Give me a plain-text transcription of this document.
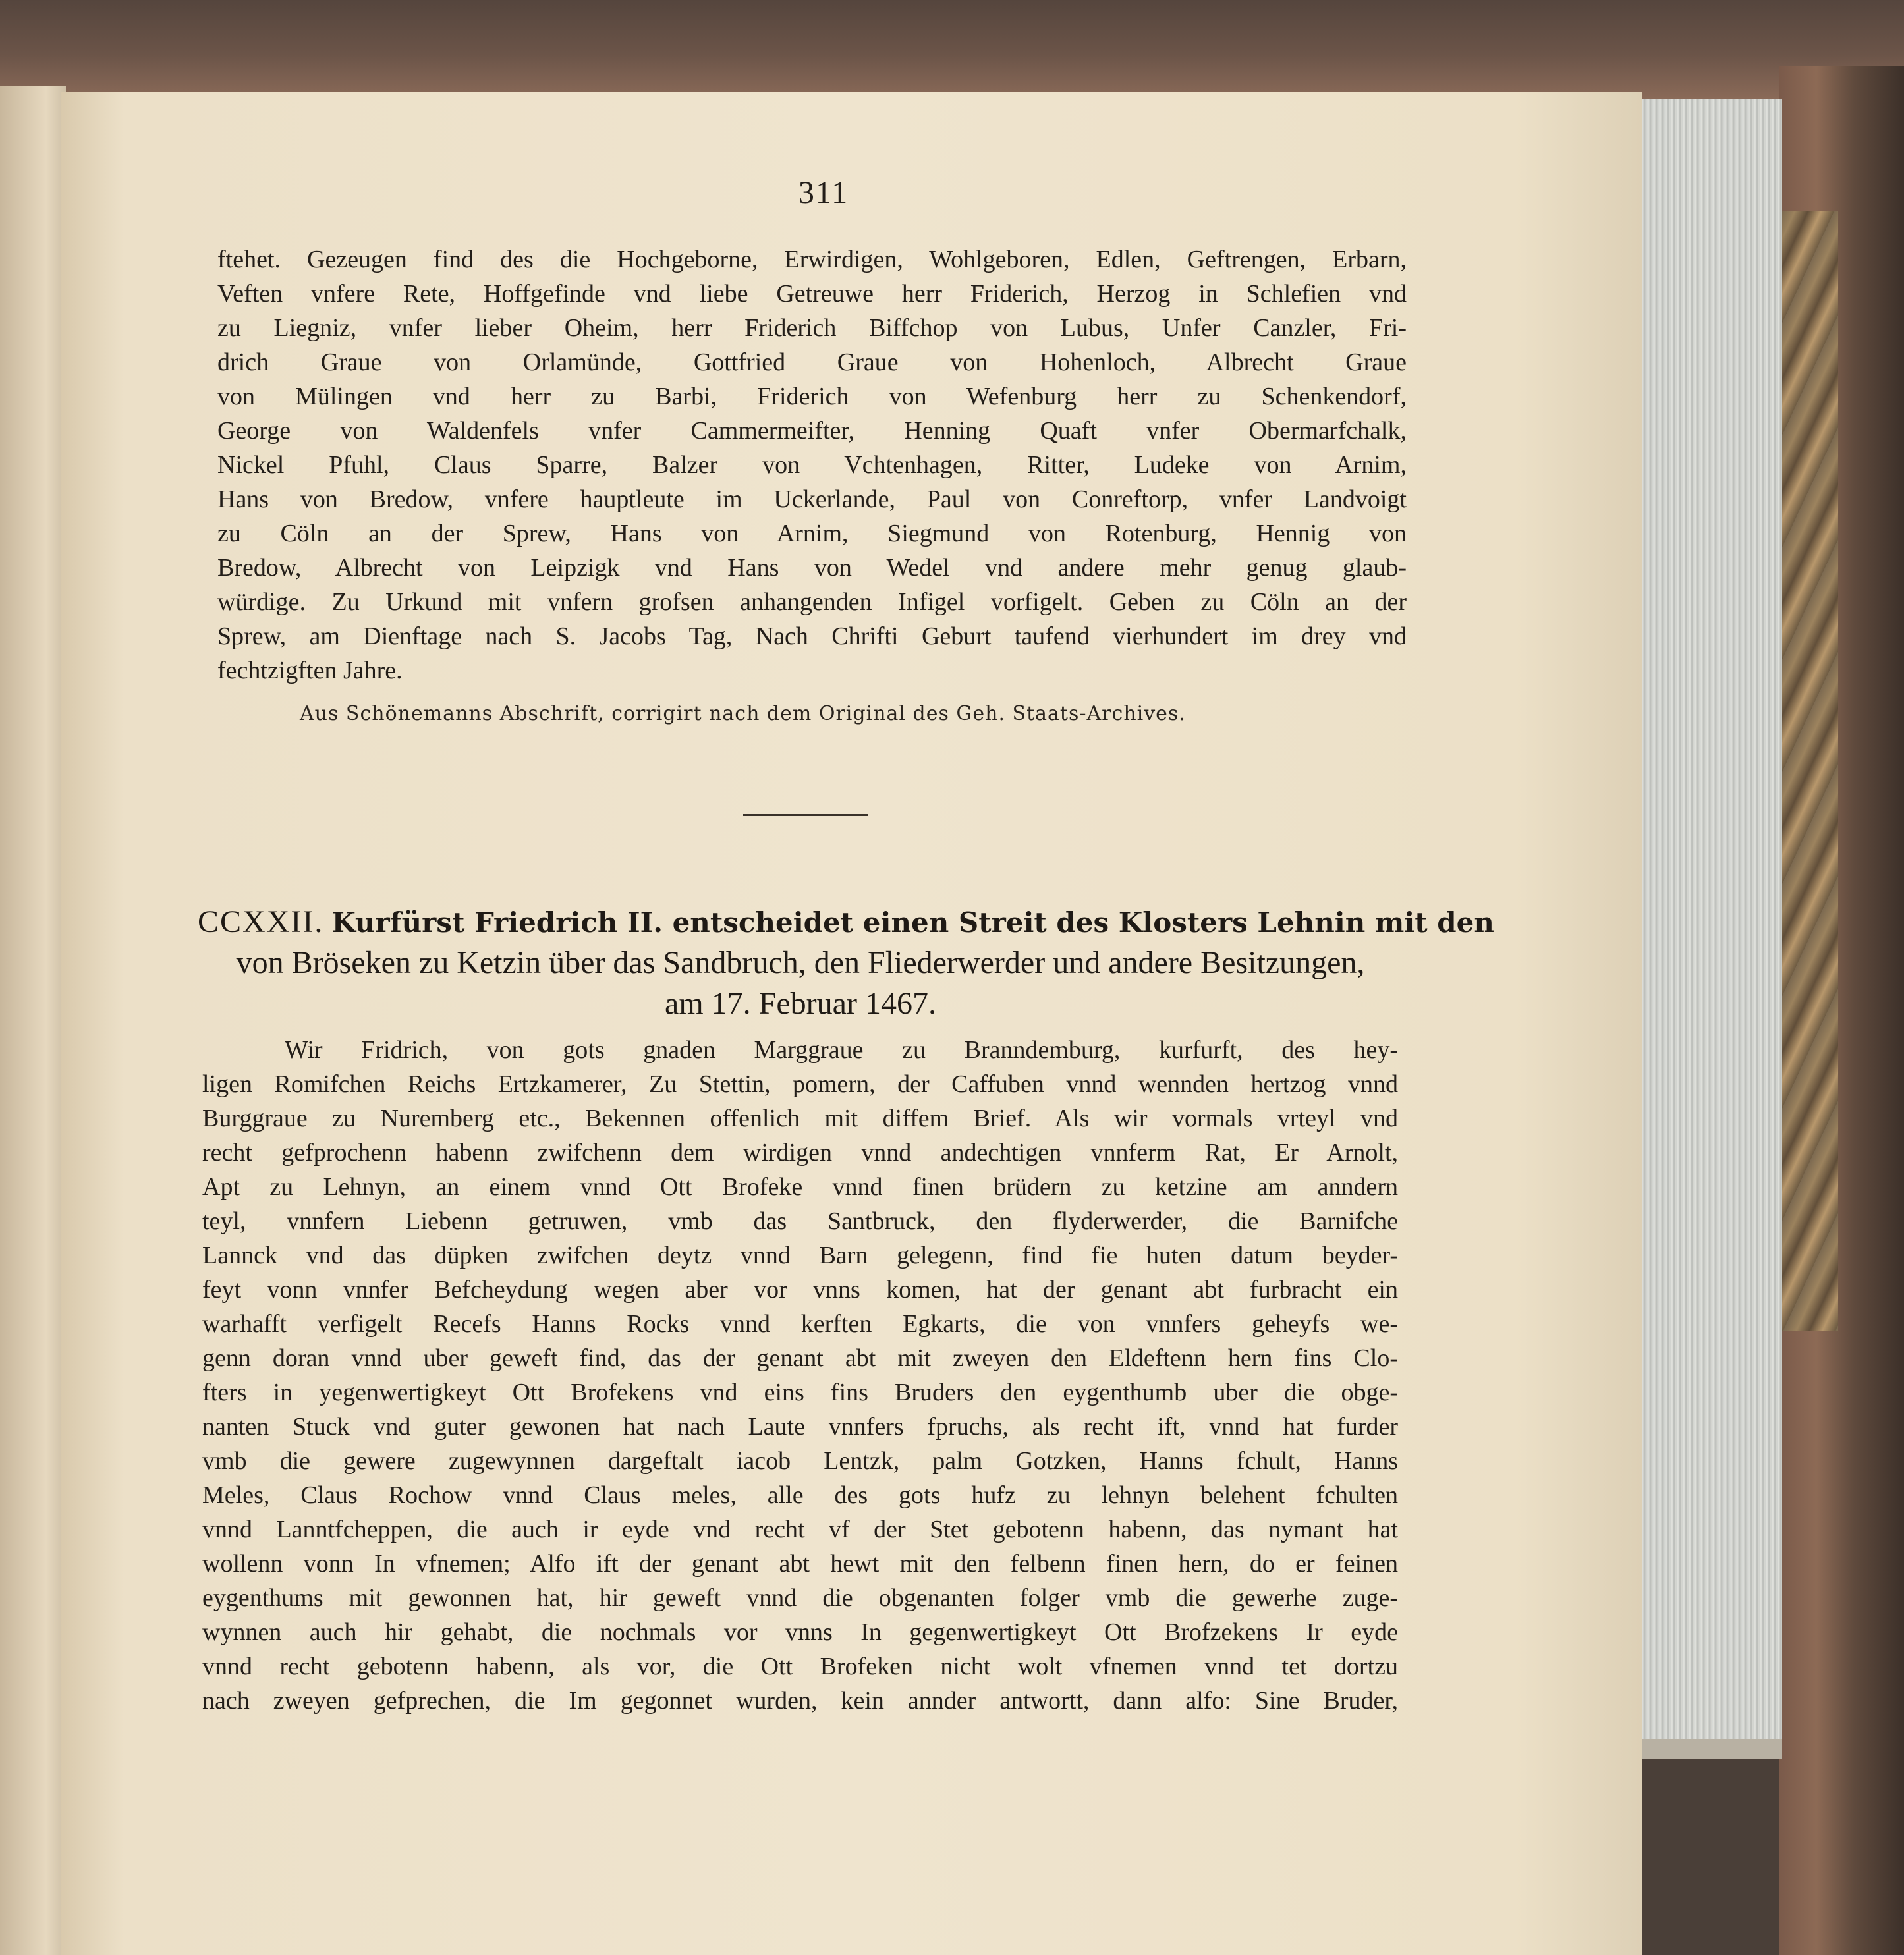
311
ftehet. Gezeugen find des die Hochgeborne, Erwirdigen, Wohlgeboren, Edlen, Geftrengen, Erbarn,
Veften vnfere Rete, Hoffgefinde vnd liebe Getreuwe herr Friderich, Herzog in Schlefien vnd
zu Liegniz, vnfer lieber Oheim, herr Friderich Biffchop von Lubus, Unfer Canzler, Fri-
drich Graue von Orlamünde, Gottfried Graue von Hohenloch, Albrecht Graue
von Mülingen vnd herr zu Barbi, Friderich von Wefenburg herr zu Schenkendorf,
George von Waldenfels vnfer Cammermeifter, Henning Quaft vnfer Obermarfchalk,
Nickel Pfuhl, Claus Sparre, Balzer von Vchtenhagen, Ritter, Ludeke von Arnim,
Hans von Bredow, vnfere hauptleute im Uckerlande, Paul von Conreftorp, vnfer Landvoigt
zu Cöln an der Sprew, Hans von Arnim, Siegmund von Rotenburg, Hennig von
Bredow, Albrecht von Leipzigk vnd Hans von Wedel vnd andere mehr genug glaub-
würdige. Zu Urkund mit vnfern grofsen anhangenden Infigel vorfigelt. Geben zu Cöln an der
Sprew, am Dienftage nach S. Jacobs Tag, Nach Chrifti Geburt taufend vierhundert im drey vnd
fechtzigften Jahre.
Aus Schönemanns Abschrift, corrigirt nach dem Original des Geh. Staats-Archives.
CCXXII. Kurfürst Friedrich II. entscheidet einen Streit des Klosters Lehnin mit den
von Bröseken zu Ketzin über das Sandbruch, den Fliederwerder und andere Besitzungen,
am 17. Februar 1467.
Wir Fridrich, von gots gnaden Marggraue zu Branndemburg, kurfurft, des hey-
ligen Romifchen Reichs Ertzkamerer, Zu Stettin, pomern, der Caffuben vnnd wennden hertzog vnnd
Burggraue zu Nuremberg etc., Bekennen offenlich mit diffem Brief. Als wir vormals vrteyl vnd
recht gefprochenn habenn zwifchenn dem wirdigen vnnd andechtigen vnnferm Rat, Er Arnolt,
Apt zu Lehnyn, an einem vnnd Ott Brofeke vnnd finen brüdern zu ketzine am anndern
teyl, vnnfern Liebenn getruwen, vmb das Santbruck, den flyderwerder, die Barnifche
Lannck vnd das düpken zwifchen deytz vnnd Barn gelegenn, find fie huten datum beyder-
feyt vonn vnnfer Befcheydung wegen aber vor vnns komen, hat der genant abt furbracht ein
warhafft verfigelt Recefs Hanns Rocks vnnd kerften Egkarts, die von vnnfers geheyfs we-
genn doran vnnd uber geweft find, das der genant abt mit zweyen den Eldeftenn hern fins Clo-
fters in yegenwertigkeyt Ott Brofekens vnd eins fins Bruders den eygenthumb uber die obge-
nanten Stuck vnd guter gewonen hat nach Laute vnnfers fpruchs, als recht ift, vnnd hat furder
vmb die gewere zugewynnen dargeftalt iacob Lentzk, palm Gotzken, Hanns fchult, Hanns
Meles, Claus Rochow vnnd Claus meles, alle des gots hufz zu lehnyn belehent fchulten
vnnd Lanntfcheppen, die auch ir eyde vnd recht vf der Stet gebotenn habenn, das nymant hat
wollenn vonn In vfnemen; Alfo ift der genant abt hewt mit den felbenn finen hern, do er feinen
eygenthums mit gewonnen hat, hir geweft vnnd die obgenanten folger vmb die gewerhe zuge-
wynnen auch hir gehabt, die nochmals vor vnns In gegenwertigkeyt Ott Brofzekens Ir eyde
vnnd recht gebotenn habenn, als vor, die Ott Brofeken nicht wolt vfnemen vnnd tet dortzu
nach zweyen gefprechen, die Im gegonnet wurden, kein annder antwortt, dann alfo: Sine Bruder,
